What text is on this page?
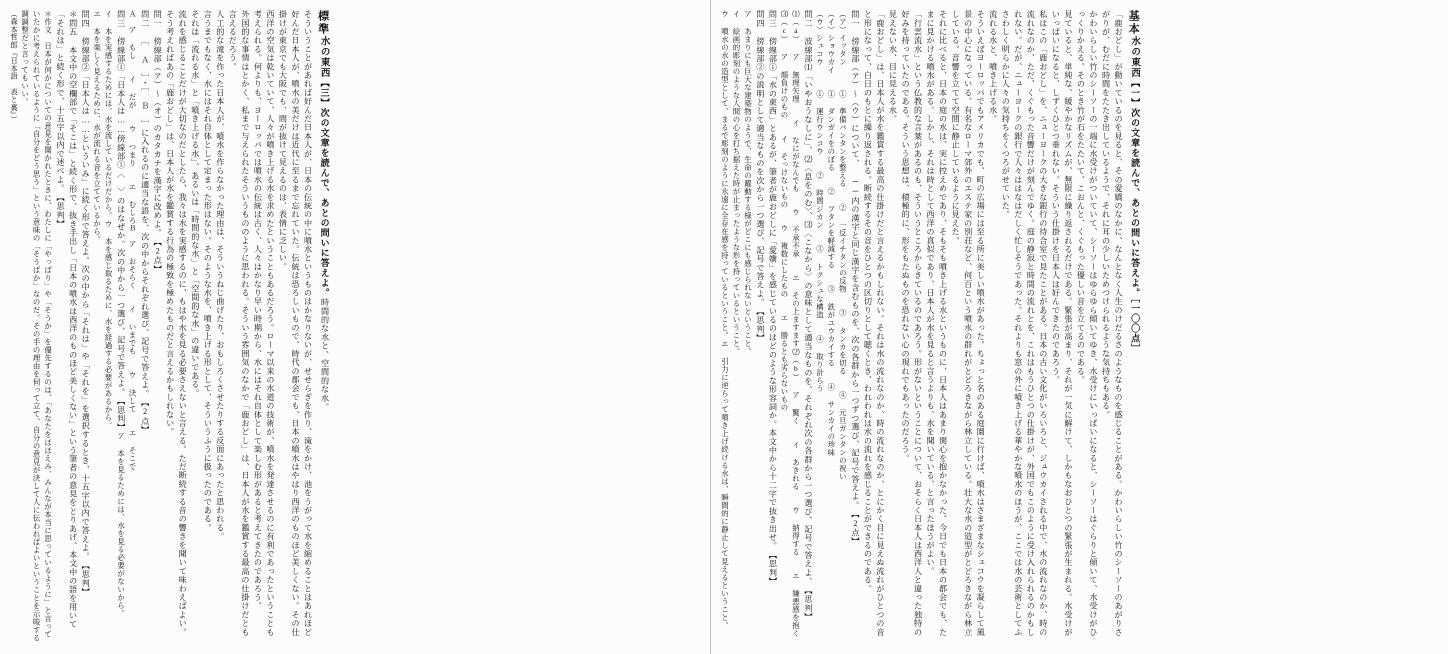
基本
水の東西
【一】次の文章を読んで、あとの問いに答えよ。［一〇〇点］
「鹿おどし」が動いているのを見ると、その愛嬌のなかに、なんとなく人生のけだるさのようなものを感じることがある。かわいらしい竹のシーソーのあがりさがりが、むだに時間をたたき出しているようで、それに耳の少しいためつけられるような気持ちもある。
かわいらしい竹のシーソーの一端に水受けがついていて、シーソーはゆらゆら傾いてゆき、水受けにいっぱいになると、シーソーはぐらりと傾いて、水受けがひっくりかえる。そのとき竹が石をたたいて、こおんと、くぐもった優しい音を立てるのである。
見ていると、単純な、緩やかなリズムが、無限に繰り返されるだけである。緊張が高まり、それが一気に解けて、しかもなおひとつの緊張が生まれる。水受けがいっぱいになると、しずくひとつ垂れない。そういう仕掛けを日本人は好んできたのであろう。
私はこの「鹿おどし」を、ニューヨークの大きな銀行の待合室で見たことがある。日本の古い文化がいろいろと、ジュウカイされる中で、水の流れなのか、時の流れなのか、ただ、くぐもった音響だけが刻んでゆく。庭の静寂と時間の流れとを、これはもうひとつの仕掛けが、外国でもこのように受け入れられるのかもしれない。だが、ニューヨークの銀行で人々ははなはだしく忙しそうであった。それよりも窓の外に噴き上げる華やかな噴水のほうが、ここでは水の芸術としてふさわしく明らかに人々の気持ちをくつろがせていた。
流れる水と、噴き上げる水。
そういえばヨーロッパでもアメリカでも、町の広場には至る所に美しい噴水があった。ちょっと名のある庭園に行けば、噴水はさまざまなシュコウを凝らして風景の中心になっている。有名なローマ郊外のエステ家の別荘など、何百という噴水の群れがとどろきながら林立している。壮大な水の造型がとどろきながら林立している。音響を立てて空間に静止しているように見えた。
それに比べると、日本の庭の水は、実に控えめであり、そもそも噴き上げる水というものに、日本人はあまり関心を抱かなかった。今日でも日本の都会でも、たまに見かける噴水がある。しかし、それは時として西洋の真似であり、日本人が水を見ると言うよりも、水を聞いている、と言ったほうがよい。
「行雲流水」という仏教的な言葉があるのも、そういうところからきているのであろう。形がないということについて、おそらく日本人は西洋人と違った独特の好みを持っていたのである。そういう思想は、積極的に、形をもたぬものを恐れない心の現れでもあったのだろう。
見えない水、目に見える水。
「鹿おどし」は、日本人が水を鑑賞する最高の仕掛けだと言えるかもしれない。それは水の流れなのか、時の流れなのか、とにかく目に見えぬ流れがひとつの音と形になって、白日のもとに繰り返される。断続するその音をひとつの区切りとして聴くとき、われわれは水の流れを感じることができるのである。
問一 傍線部（ア）〜（ウ）について、 ──内の漢字と同じ漢字を含むものを、次の各群から一つずつ選び、記号で答えよ。　【2点】
（ア）イッタン　　　① 準備バンタンを整える　　② 一反イチタンの反物　　③ タンカを切る　　④ 元旦ガンタンの祝い
（イ）ショウカイ　　① ダンガイをのぼる　　② フタンを軽減する　　③ 鉄がユウカイする　　④ サンカイの珍味
（ウ）シュコウ　　　① 運行ウンコウ　　② 時間ジカン　　③ トクシュな構造　　④ 取り計らう
問二 波線部⑴「いやおうなしに」、⑵〈息をのむ〉、⑶〈こなから〉の意味として適当なものを、それぞれ次の各群から一つ選び、記号で答えよ。　【思判】
⑴（a） ア 無理矢理　　イ なにがなんでも　　ウ 不承不承　　エ その上ますます
⑵（b） ア 驚く　　イ あきれる　　ウ 納得する　　エ 嫌悪感を抱く
⑶（c） ア 顔負けのもの　　イ そっけないもの　　ウ 複数にしたもの　　エ 勝るとも劣らないもの
問三 傍線部①「水の東西」とあるが、筆者が鹿おどしに「愛嬌」を感じているのはどのような形容詞か。本文中から十二字で抜き出せ。　【思判】
問四 傍線部②の説明として適当なものを次から一つ選び、記号で答えよ。　【思判】
ア あまりにも巨大な建築物のようで、生命の躍動する様がどこにも感じられないということ。
イ 絵画的彫刻のような人間の心を打ち据えた時が止まったような形を持っているということ。
ウ 噴水の水の造型として、まるで彫刻のように永遠に全存在感を持っているということ。
エ 引力に逆らって噴き上げ続ける水は、瞬間的に静止して見えるということ。
標準
水の東西
【三】次の文章を読んで、あとの問いに答えよ。
時間的な水と、空間的な水。
そういうことがあれば好んだ日本人が、日本の伝統の中に噴水というものはかなりないが、せせらぎを作り、滝をかけ、池をうがって水を縮めることはあれほど好んだ日本人が、噴水の美だけは近代に至るまで忘れていた。伝統は恐ろしいもので、時代の都会でも、日本の噴水はやはり西洋のものほど美しくない。その仕掛けが東京でも大阪でも、間が抜けて見えるのは、表情に乏しい。
西洋の空気は乾いていて、人々が噴き上げる水を求めたということもあるだろう。ローマ以来の水道の技術が、噴水を発達させるのに有利であったということも考えられる。何よりも、ヨーロッパでは噴水の伝統は古く、人々はかなり早い時期から、水にはそれ自体として楽しむ形があると考えてきたのであろう。
外国的な事情はとかく、私まで与えられたそういうもののように思われる。そういう雰囲気のなかで「鹿おどし」は、日本人が水を鑑賞する最高の仕掛けだとも言えるだろう。
人工的な滝を作った日本人が、噴水を作らなかった理由は、そういうねじ曲げたり、おもしろくさせたりする反面にあったと思われる。
言うまでもなく、水にはそれ自体として定まった形はない。そのような水を、噴き上げる形として、そういうふうに扱ったのである。
それは「流れる水」と「噴き上げる水」、あるいは「時間的な水」と「空間的な水」の違いである。
流れを感じることだけが大切なのだとしたら、我々は水を実感するのに、もはや水を見る必要さえないと言える。ただ断続する音の響きを聞いて味わえばよい。そう考えればあの「鹿おどし」は、日本人が水を鑑賞する行為の極致を極めたものだと言えるかもしれない。
問一 傍線部（ア）〜（オ）のカタカナを漢字に改めよ。　【2点】
問二 ［ Ａ ］・［ Ｂ ］に入れるのに適当な語を、次の中からそれぞれ選び、記号で答えよ。　【2点】
Ａ　ア もし　　イ だが　　ウ つまり　　エ むしろ
Ｂ　ア おそらく　　イ いまでも　　ウ 決して　　エ そこで
問三 傍線部①「日本人は……傍線部①〈 〉のはなぜか。次の中から一つ選び、記号で答えよ。　【思判】
ア 本を見るためには、水を見る必要がないから。
イ 本を実感するためには、水を流しているだけだから。
ウ 本を感じ取るために、水を経過する必要があるから。
エ 本を楽しく見えるために、水が流れる音を立てているから。
問四 傍線部②「日本人は……といういみ」に続く形で答えよ。次の中から「それは」や「それを」を選択するとき、十五字以内で答えよ。　【思判】
＊問五 本文中の空欄部で「そこは」と続く形で、抜き手出し「日本の噴水は西洋のものほど美しくない」という筆者の意見をとりあげ、本文中の語を用いて「それは」と続く形で、十五字以内で述べよ。　【思判】
＊作文　日本が何かについての意見を聞かれたときに、わたしに「やっぱり」や「そうか」を優先するのは、「あなたをほほえみ、みんなが本当に思っているように」と言っていたかに考えられているように「自分をどう思う」という意味の「そうばか」なのだ。その手の理由を伺って立て、自分の意見が決して人に伝わればよいということを示唆する調調整だと言ってもいい。
（森本哲郎『日本語　表と裏』）
